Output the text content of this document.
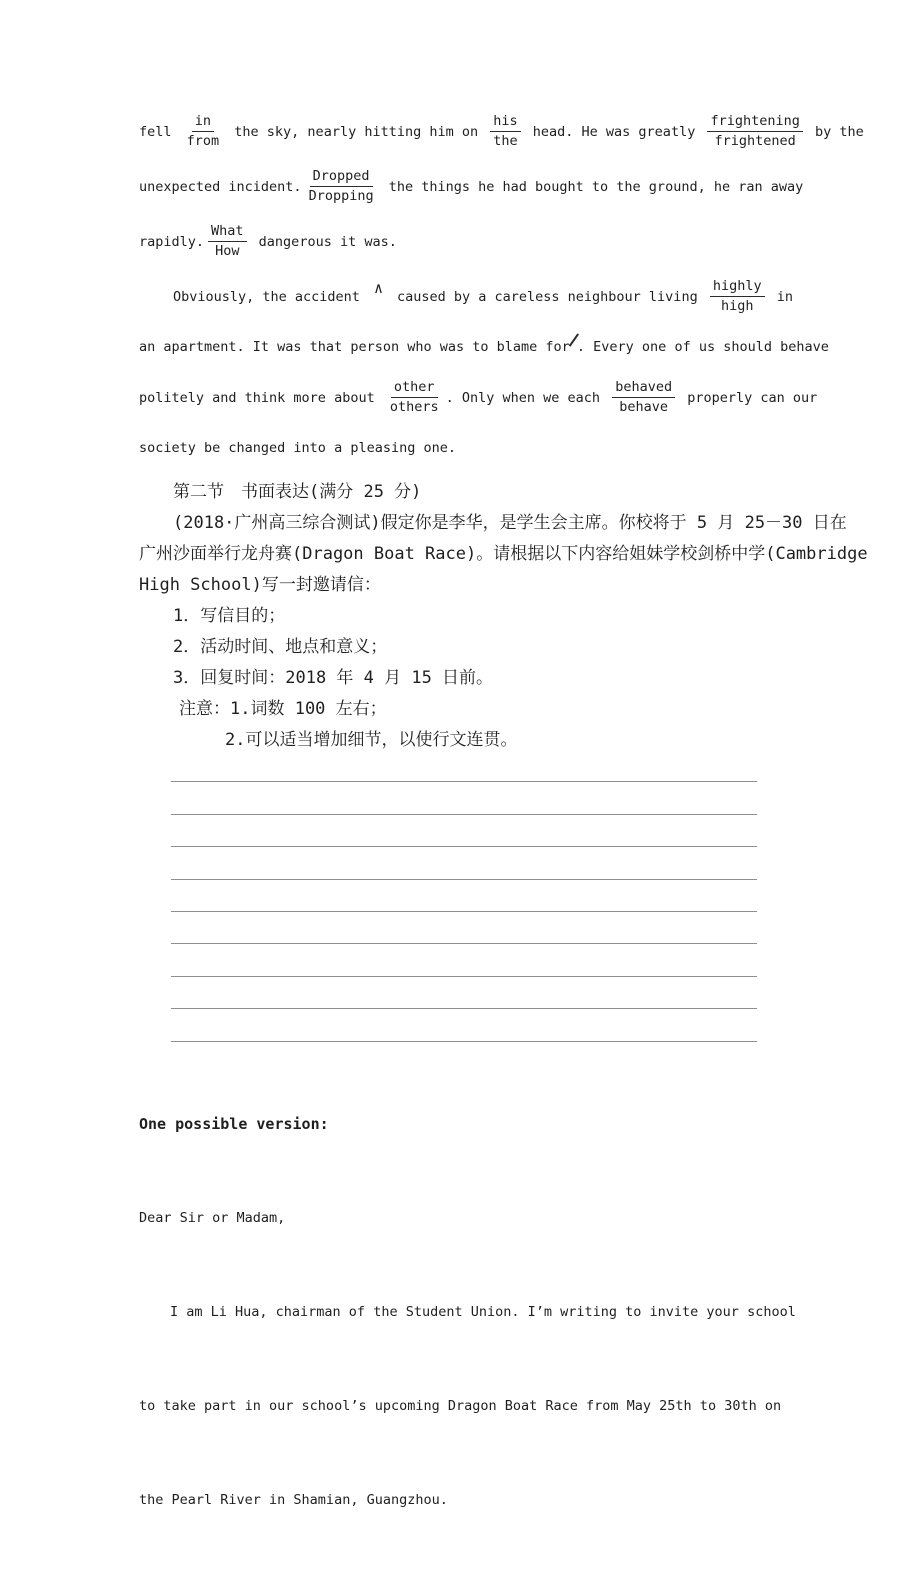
fell $\frac{in}{\text{from}}$ the sky, nearly hitting him on $\frac{\text{his}}{\text{the}}$ head. He was greatly $\frac{\text{frightening}}{\text{frightened}}$ by the
unexpected incident. $\frac{\text{Dropped}}{\text{Dropping}}$ the things he had bought to the ground, he ran away
rapidly. $\frac{\text{What}}{\text{How}}$ dangerous it was.
Obviously, the accident ∧ caused by a careless neighbour living $\frac{\text{highly}}{\text{high}}$ in
an apartment. It was that person who was to blame for . Every one of us should behave
politely and think more about $\frac{\text{other}}{\text{others}}$ . Only when we each $\frac{\text{behaved}}{\text{behave}}$ properly can our
society be changed into a pleasing one.
第二节　书面表达(满分 25 分)
(2018·广州高三综合测试)假定你是李华，是学生会主席。你校将于 5 月 25－30 日在
广州沙面举行龙舟赛(Dragon Boat Race)。请根据以下内容给姐妹学校剑桥中学(Cambridge
High School)写一封邀请信：
1．写信目的；
2．活动时间、地点和意义；
3．回复时间：2018 年 4 月 15 日前。
注意：1.词数 100 左右；
2.可以适当增加细节，以使行文连贯。

One possible version:

Dear Sir or Madam,

I am Li Hua, chairman of the Student Union. I’m writing to invite your school

to take part in our school’s upcoming Dragon Boat Race from May 25th to 30th on

the Pearl River in Shamian, Guangzhou.
